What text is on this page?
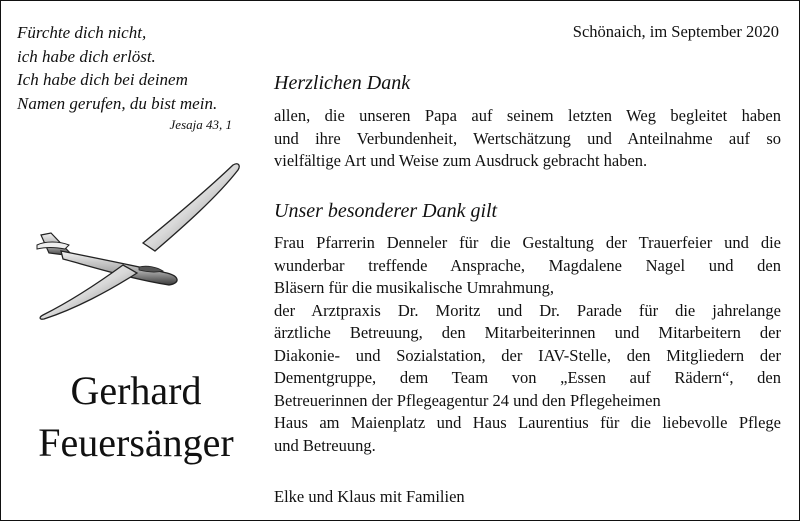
Fürchte dich nicht,
ich habe dich erlöst.
Ich habe dich bei deinem
Namen gerufen, du bist mein.
Jesaja 43, 1
Gerhard
Feuersänger
Schönaich, im September 2020
Herzlichen Dank
allen, die unseren Papa auf seinem letzten Weg begleitet haben
und ihre Verbundenheit, Wertschätzung und Anteilnahme auf so
vielfältige Art und Weise zum Ausdruck gebracht haben.
Unser besonderer Dank gilt
Frau Pfarrerin Denneler für die Gestaltung der Trauerfeier und die
wunderbar treffende Ansprache, Magdalene Nagel und den
Bläsern für die musikalische Umrahmung,
der Arztpraxis Dr. Moritz und Dr. Parade für die jahrelange
ärztliche Betreuung, den Mitarbeiterinnen und Mitarbeitern der
Diakonie- und Sozialstation, der IAV-Stelle, den Mitgliedern der
Dementgruppe, dem Team von „Essen auf Rädern“, den
Betreuerinnen der Pflegeagentur 24 und den Pflegeheimen
Haus am Maienplatz und Haus Laurentius für die liebevolle Pflege
und Betreuung.
Elke und Klaus mit Familien
